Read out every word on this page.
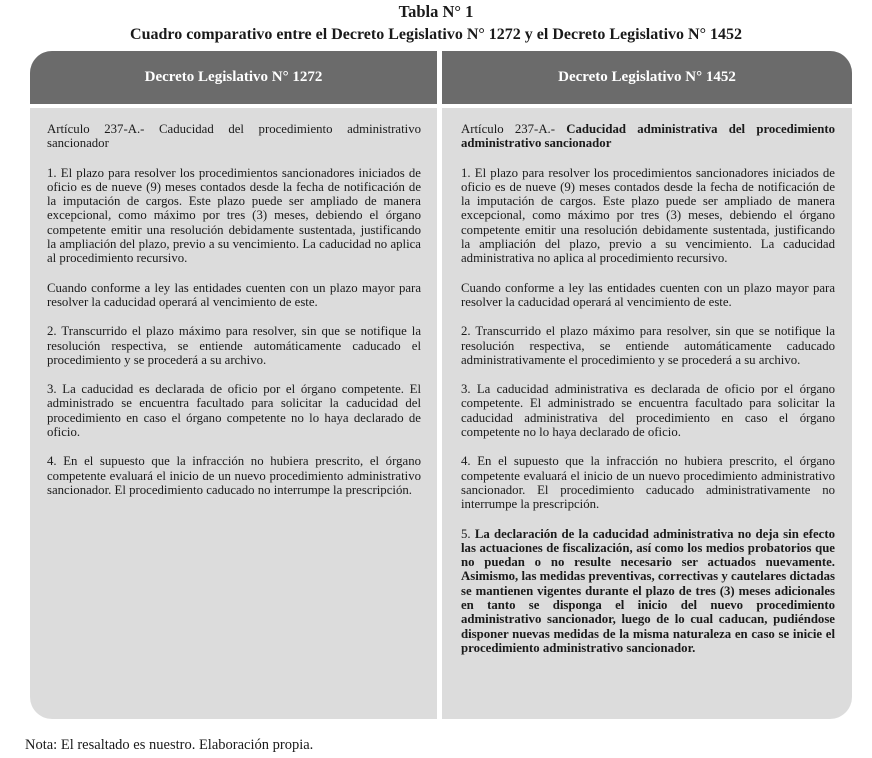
Tabla N° 1
Cuadro comparativo entre el Decreto Legislativo N° 1272 y el Decreto Legislativo N° 1452
Decreto Legislativo N° 1272	Decreto Legislativo N° 1452

Artículo 237-A.- Caducidad del procedimiento administrativo sancionador

1. El plazo para resolver los procedimientos sancionadores iniciados de oficio es de nueve (9) meses contados desde la fecha de notificación de la imputación de cargos. Este plazo puede ser ampliado de manera excepcional, como máximo por tres (3) meses, debiendo el órgano competente emitir una resolución debidamente sustentada, justificando la ampliación del plazo, previo a su vencimiento. La caducidad no aplica al procedimiento recursivo.

Cuando conforme a ley las entidades cuenten con un plazo mayor para resolver la caducidad operará al vencimiento de este.

2. Transcurrido el plazo máximo para resolver, sin que se notifique la resolución respectiva, se entiende automáticamente caducado el procedimiento y se procederá a su archivo.

3. La caducidad es declarada de oficio por el órgano competente. El administrado se encuentra facultado para solicitar la caducidad del procedimiento en caso el órgano competente no lo haya declarado de oficio.

4. En el supuesto que la infracción no hubiera prescrito, el órgano competente evaluará el inicio de un nuevo procedimiento administrativo sancionador. El procedimiento caducado no interrumpe la prescripción.

Artículo 237-A.- Caducidad administrativa del procedimiento administrativo sancionador

1. El plazo para resolver los procedimientos sancionadores iniciados de oficio es de nueve (9) meses contados desde la fecha de notificación de la imputación de cargos. Este plazo puede ser ampliado de manera excepcional, como máximo por tres (3) meses, debiendo el órgano competente emitir una resolución debidamente sustentada, justificando la ampliación del plazo, previo a su vencimiento. La caducidad administrativa no aplica al procedimiento recursivo.

Cuando conforme a ley las entidades cuenten con un plazo mayor para resolver la caducidad operará al vencimiento de este.

2. Transcurrido el plazo máximo para resolver, sin que se notifique la resolución respectiva, se entiende automáticamente caducado administrativamente el procedimiento y se procederá a su archivo.

3. La caducidad administrativa es declarada de oficio por el órgano competente. El administrado se encuentra facultado para solicitar la caducidad administrativa del procedimiento en caso el órgano competente no lo haya declarado de oficio.

4. En el supuesto que la infracción no hubiera prescrito, el órgano competente evaluará el inicio de un nuevo procedimiento administrativo sancionador. El procedimiento caducado administrativamente no interrumpe la prescripción.

5. La declaración de la caducidad administrativa no deja sin efecto las actuaciones de fiscalización, así como los medios probatorios que no puedan o no resulte necesario ser actuados nuevamente. Asimismo, las medidas preventivas, correctivas y cautelares dictadas se mantienen vigentes durante el plazo de tres (3) meses adicionales en tanto se disponga el inicio del nuevo procedimiento administrativo sancionador, luego de lo cual caducan, pudiéndose disponer nuevas medidas de la misma naturaleza en caso se inicie el procedimiento administrativo sancionador.

Nota: El resaltado es nuestro. Elaboración propia.
